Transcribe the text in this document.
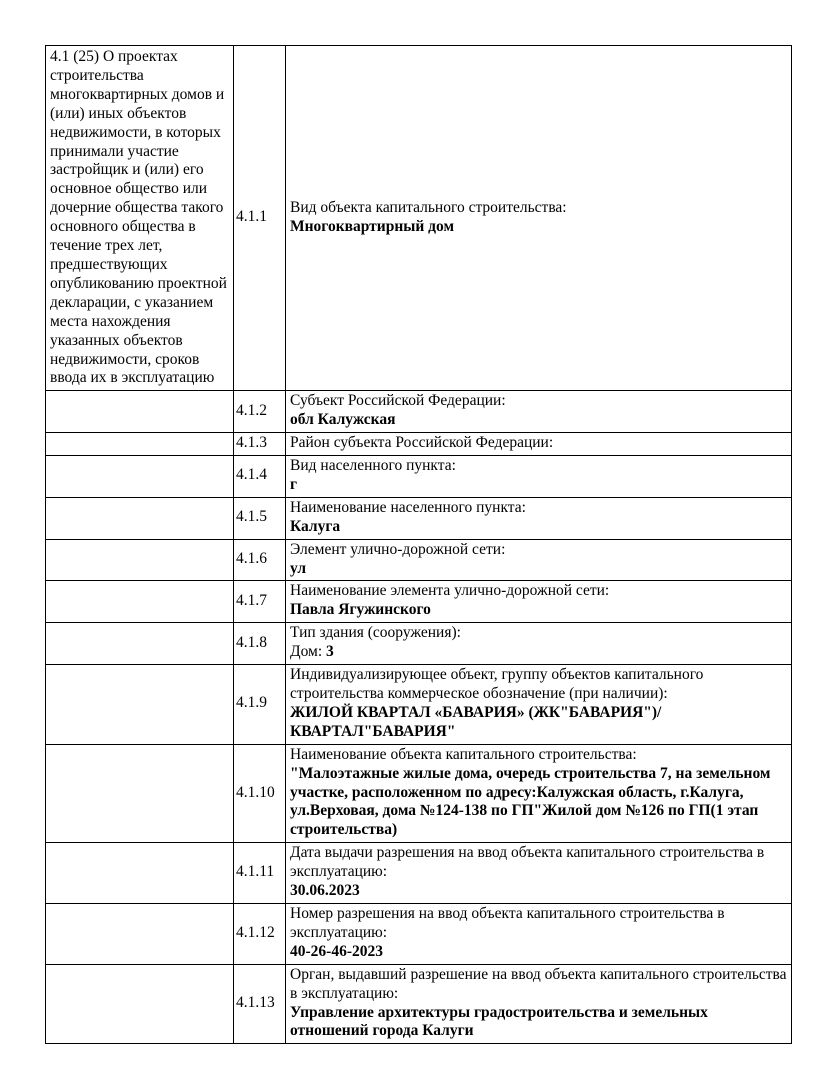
4.1 (25) О проектах строительства многоквартирных домов и (или) иных объектов недвижимости, в которых принимали участие застройщик и (или) его основное общество или дочерние общества такого основного общества в течение трех лет, предшествующих опубликованию проектной декларации, с указанием места нахождения указанных объектов недвижимости, сроков ввода их в эксплуатацию	4.1.1	Вид объекта капитального строительства:
Многоквартирный дом

	4.1.2	Субъект Российской Федерации:
обл Калужская

	4.1.3	Район субъекта Российской Федерации:

	4.1.4	Вид населенного пункта:
г

	4.1.5	Наименование населенного пункта:
Калуга

	4.1.6	Элемент улично-дорожной сети:
ул

	4.1.7	Наименование элемента улично-дорожной сети:
Павла Ягужинского

	4.1.8	Тип здания (сооружения):
Дом: 3

	4.1.9	Индивидуализирующее объект, группу объектов капитального строительства коммерческое обозначение (при наличии):
ЖИЛОЙ КВАРТАЛ «БАВАРИЯ» (ЖК"БАВАРИЯ")/КВАРТАЛ"БАВАРИЯ"

	4.1.10	Наименование объекта капитального строительства:
"Малоэтажные жилые дома, очередь строительства 7, на земельном участке, расположенном по адресу:Калужская область, г.Калуга, ул.Верховая, дома №124-138 по ГП"Жилой дом №126 по ГП(1 этап строительства)

	4.1.11	Дата выдачи разрешения на ввод объекта капитального строительства в эксплуатацию:
30.06.2023

	4.1.12	Номер разрешения на ввод объекта капитального строительства в эксплуатацию:
40-26-46-2023

	4.1.13	Орган, выдавший разрешение на ввод объекта капитального строительства в эксплуатацию:
Управление архитектуры градостроительства и земельных отношений города Калуги
